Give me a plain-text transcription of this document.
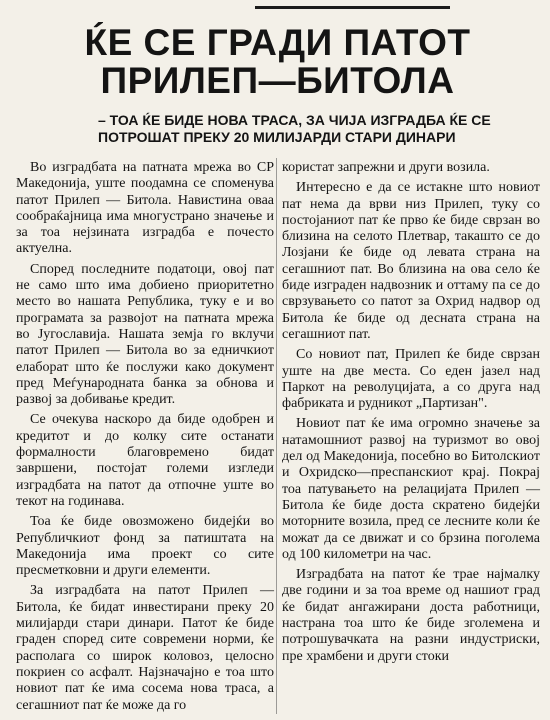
ЌЕ СЕ ГРАДИ ПАТОТ
ПРИЛЕП—БИТОЛА

– ТОА ЌЕ БИДЕ НОВА ТРАСА, ЗА ЧИЈА ИЗГРАДБА ЌЕ СЕ ПОТРОШАТ ПРЕКУ 20 МИЛИЈАРДИ СТАРИ ДИНАРИ

Во изградбата на патната мрежа во СР Македонија, уште поодамна се споменува патот Прилеп — Битола. Навистина оваа сообраќајница има многустрано значење и за тоа нејзината изградба е почесто актуелна.

Според последните податоци, овој пат не само што има добиено приоритетно место во нашата Републикa, туку е и во програмата за развојот на патната мрежа во Југославија. Нашата земја го вклучи патот Прилеп — Битола во за едничкиот елаборат што ќе послужи како документ пред Меѓународната банка за обнова и развој за добивање кредит.

Се очекува наскоро да биде одобрен и кредитот и до колку сите останати формалности благовремено бидат завршени, постојат големи изгледи изградбата на патот да отпочне уште во текот на годинава.

Тоа ќе биде овозможено бидејќи во Републичкиот фонд за патиштата на Македонија има проект со сите пресметковни и други елементи.

За изградбата на патот Прилеп — Битола, ќе бидат инвестирани преку 20 милијарди стари динари. Патот ќе биде граден според сите современи норми, ќе располага со широк коловоз, целосно покриен со асфалт. Најзначајно е тоа што новиот пат ќе има сосема нова траса, а сегашниот пат ќе може да го

користат запрежни и други возила.

Интересно е да се истакне што новиот пат нема да врви низ Прилеп, туку со постојаниот пат ќе прво ќе биде сврзан во близина на селото Плетвар, такашто се до Лозјани ќе биде од левата страна на сегашниот пат. Во близина на ова село ќе биде изграден надвозник и оттаму па се до сврзувањето со патот за Охрид надвор од Битола ќе биде од десната страна на сегашниот пат.

Со новиот пат, Прилеп ќе биде сврзан уште на две места. Со еден јазел над Паркот на револуцијата, а со друга над фабриката и рудникот „Партизан".

Новиот пат ќе има огромно значење за натамошниот развој на туризмот во овој дел од Македонија, посебно во Битолскиот и Охридско—преспанскиот крај. Покрај тоа патувањето на релацијата Прилеп — Битола ќе биде доста скратено бидејќи моторните возила, пред се лесните коли ќе можат да се движат и со брзина поголема од 100 километри на час.

Изградбата на патот ќе трае најмалку две години и за тоа време од нашиот град ќе бидат ангажирани доста работници, настрана тоа што ќе биде зголемена и потрошувачката на разни индустриски, пре храмбени и други стоки
